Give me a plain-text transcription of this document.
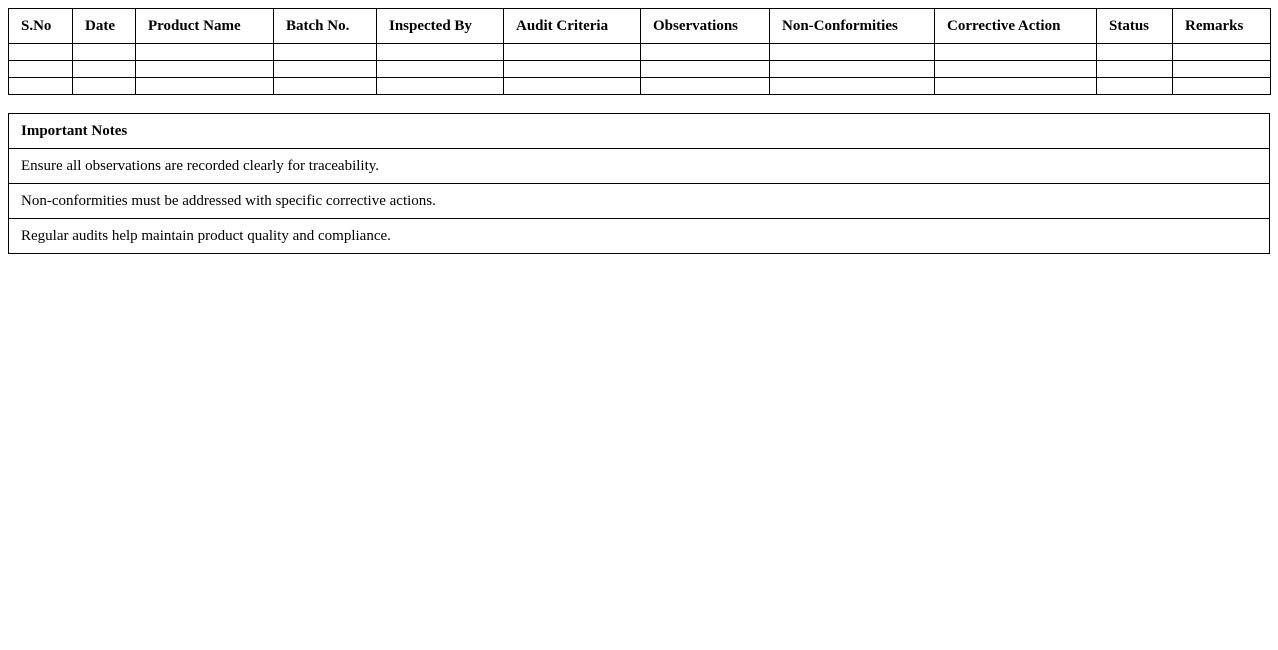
S.No	Date	Product Name	Batch No.	Inspected By	Audit Criteria	Observations	Non-Conformities	Corrective Action	Status	Remarks

Important Notes
Ensure all observations are recorded clearly for traceability.
Non-conformities must be addressed with specific corrective actions.
Regular audits help maintain product quality and compliance.
